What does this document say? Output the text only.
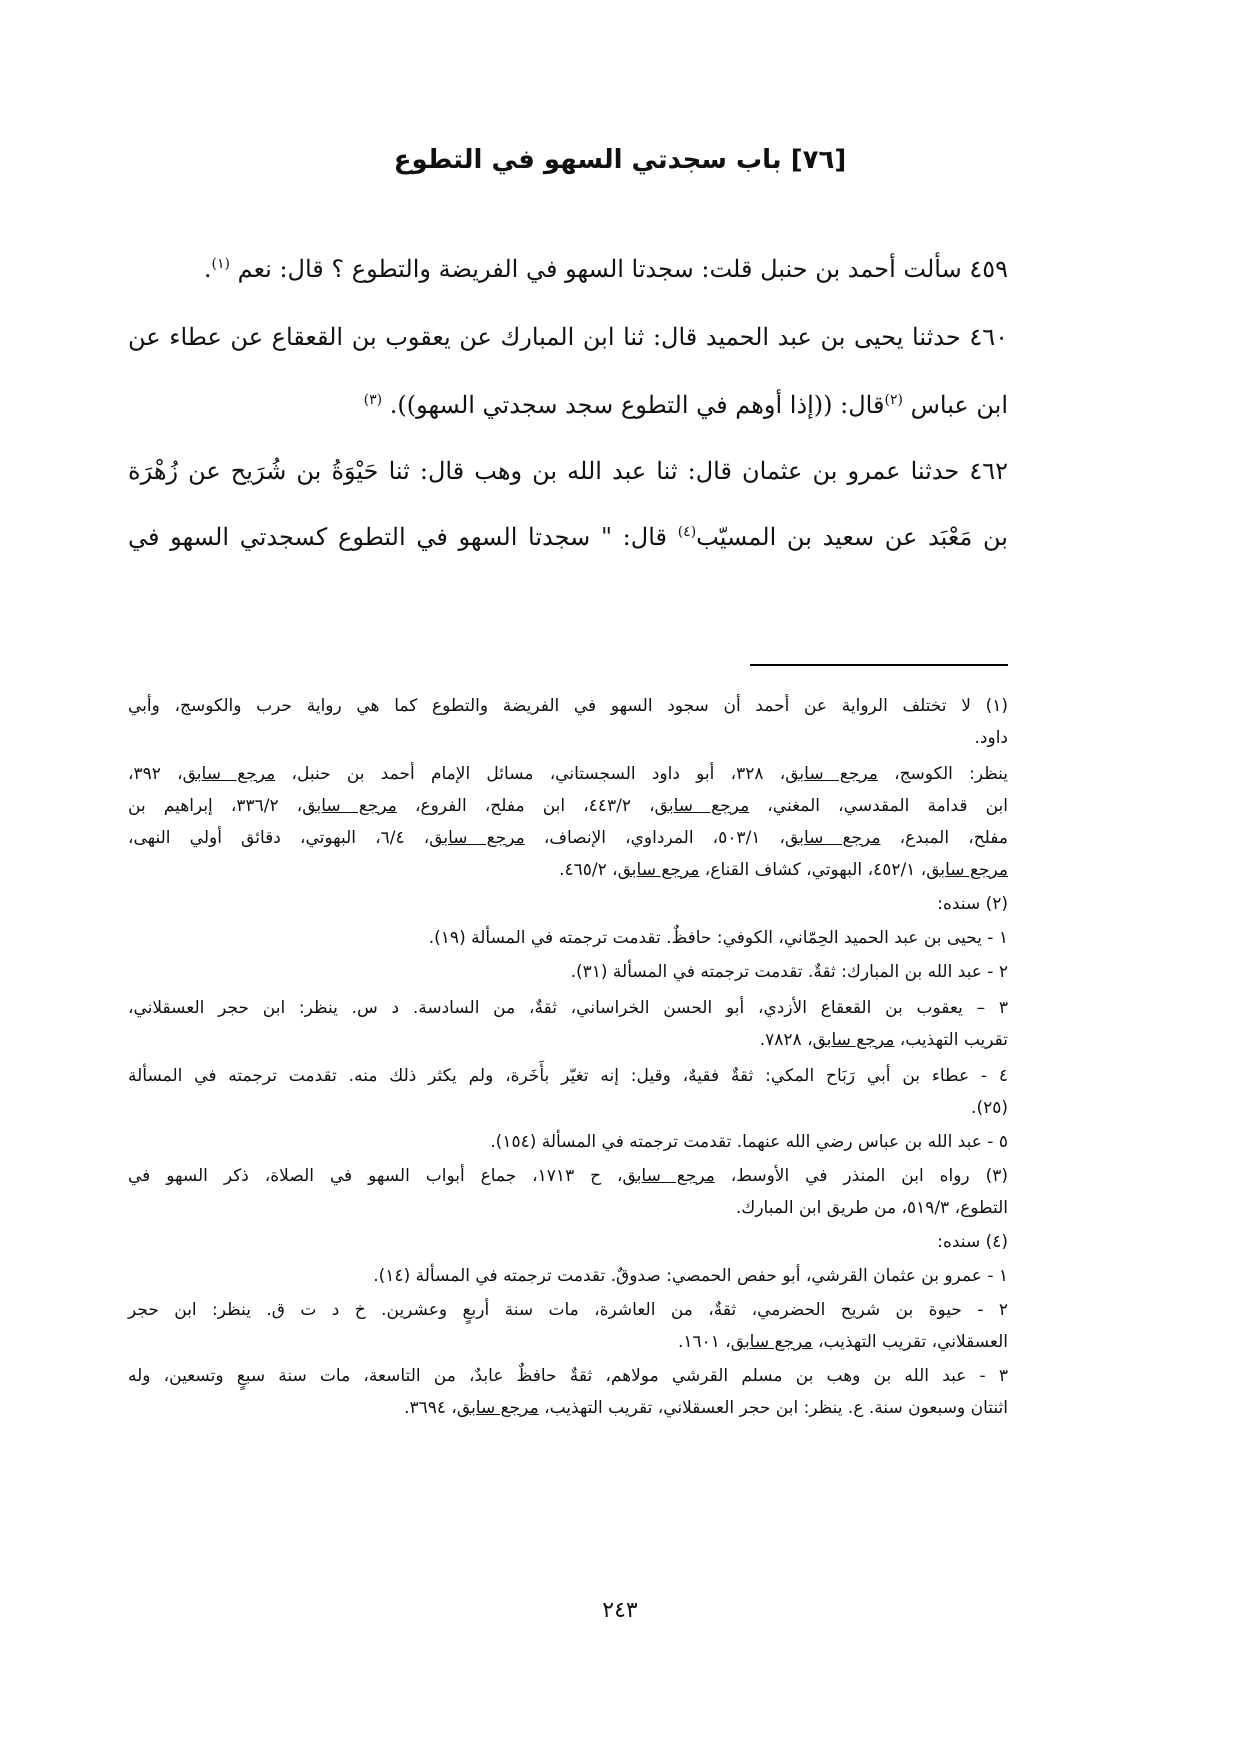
[٧٦] باب سجدتي السهو في التطوع
٤٥٩ سألت أحمد بن حنبل قلت: سجدتا السهو في الفريضة والتطوع ؟ قال: نعم $^{(١)}$.
٤٦٠ حدثنا يحيى بن عبد الحميد قال: ثنا ابن المبارك عن يعقوب بن القعقاع عن عطاء عن
ابن عباس $^{(٢)}$قال: ((إذا أوهم في التطوع سجد سجدتي السهو)). $^{(٣)}$
٤٦٢ حدثنا عمرو بن عثمان قال: ثنا عبد الله بن وهب قال: ثنا حَيْوَةُ بن شُرَيح عن زُهْرَة
بن مَعْبَد عن سعيد بن المسيّب$^{(٤)}$ قال: " سجدتا السهو في التطوع كسجدتي السهو في
(١) لا تختلف الرواية عن أحمد أن سجود السهو في الفريضة والتطوع كما هي رواية حرب والكوسج، وأبي
داود.
ينظر: الكوسج، مرجع سابق، ٣٢٨، أبو داود السجستاني، مسائل الإمام أحمد بن حنبل، مرجع سابق، ٣٩٢،
ابن قدامة المقدسي، المغني، مرجع سابق، ٤٤٣/٢، ابن مفلح، الفروع، مرجع سابق، ٣٣٦/٢، إبراهيم بن
مفلح، المبدع، مرجع سابق، ٥٠٣/١، المرداوي، الإنصاف، مرجع سابق، ٦/٤، البهوتي، دقائق أولي النهى،
مرجع سابق، ٤٥٢/١، البهوتي، كشاف القناع، مرجع سابق، ٤٦٥/٢.
(٢) سنده:
١ - يحيى بن عبد الحميد الحِمّاني، الكوفي: حافظٌ. تقدمت ترجمته في المسألة (١٩).
٢ - عبد الله بن المبارك: ثقةٌ. تقدمت ترجمته في المسألة (٣١).
٣ – يعقوب بن القعقاع الأزدي، أبو الحسن الخراساني، ثقةٌ، من السادسة. د س. ينظر: ابن حجر العسقلاني،
تقريب التهذيب، مرجع سابق، ٧٨٢٨.
٤ - عطاء بن أبي رَبَاح المكي: ثقةٌ فقيهٌ، وقيل: إنه تغيّر بأَخَرة، ولم يكثر ذلك منه. تقدمت ترجمته في المسألة
(٢٥).
٥ - عبد الله بن عباس رضي الله عنهما. تقدمت ترجمته في المسألة (١٥٤).
(٣) رواه ابن المنذر في الأوسط، مرجع سابق، ح ١٧١٣، جماع أبواب السهو في الصلاة، ذكر السهو في
التطوع، ٥١٩/٣، من طريق ابن المبارك.
(٤) سنده:
١ - عمرو بن عثمان القرشي، أبو حفص الحمصي: صدوقٌ. تقدمت ترجمته في المسألة (١٤).
٢ - حيوة بن شريح الحضرمي، ثقةٌ، من العاشرة، مات سنة أربعٍ وعشرين. خ د ت ق. ينظر: ابن حجر
العسقلاني، تقريب التهذيب، مرجع سابق، ١٦٠١.
٣ - عبد الله بن وهب بن مسلم القرشي مولاهم، ثقةٌ حافظٌ عابدٌ، من التاسعة، مات سنة سبعٍ وتسعين، وله
اثنتان وسبعون سنة. ع. ينظر: ابن حجر العسقلاني، تقريب التهذيب، مرجع سابق، ٣٦٩٤.
٢٤٣
